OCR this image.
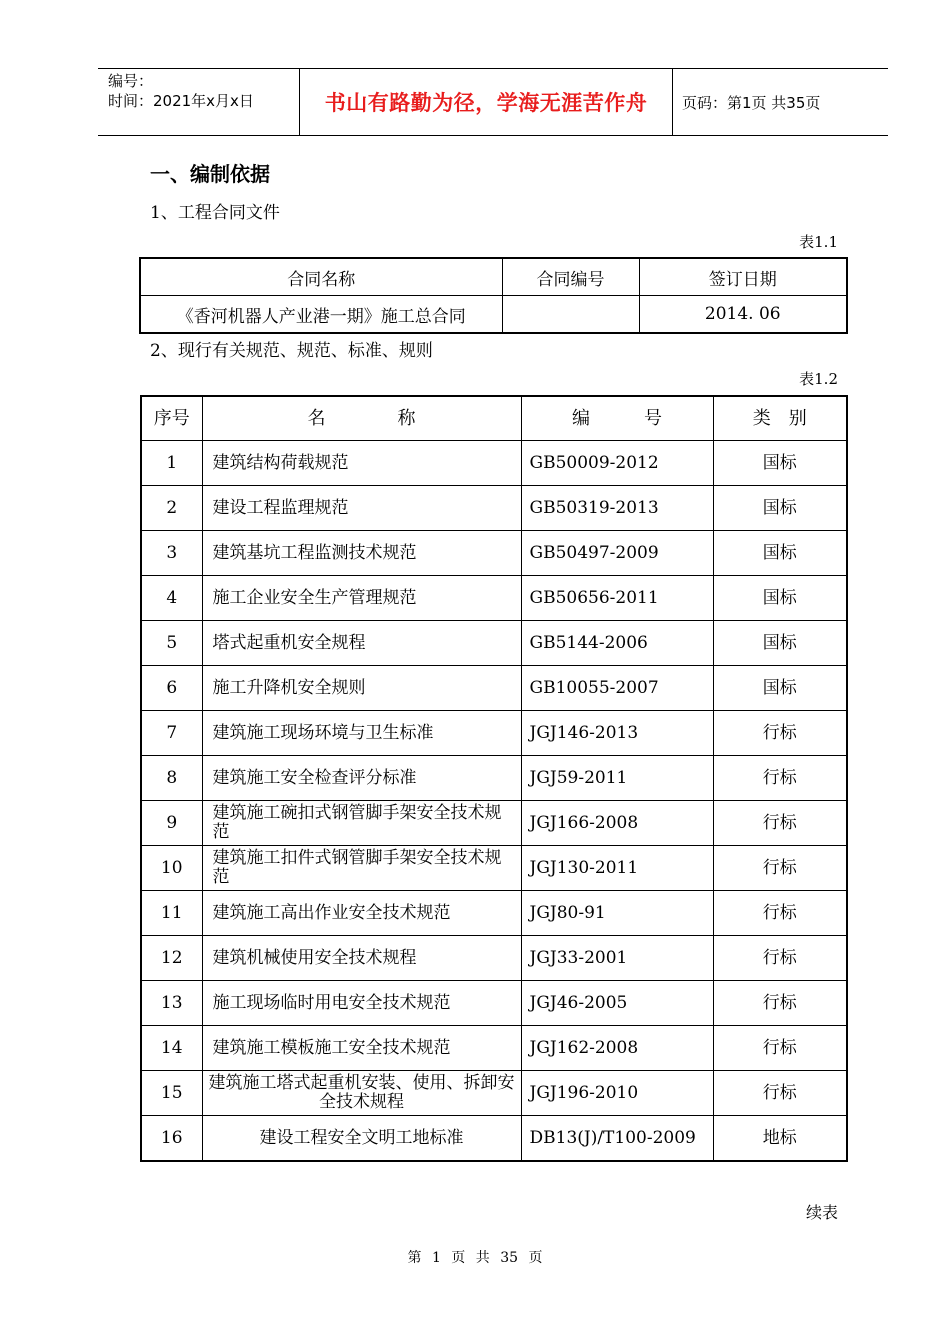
编号：
时间：2021年x月x日	书山有路勤为径，学海无涯苦作舟	页码：第1页 共35页
一、编制依据
1、工程合同文件
表1.1
合同名称	合同编号	签订日期
《香河机器人产业港一期》施工总合同		2014. 06
2、现行有关规范、规范、标准、规则
表1.2
序号	名　　　　称	编　　　号	类　别
1	建筑结构荷载规范	GB50009-2012	国标
2	建设工程监理规范	GB50319-2013	国标
3	建筑基坑工程监测技术规范	GB50497-2009	国标
4	施工企业安全生产管理规范	GB50656-2011	国标
5	塔式起重机安全规程	GB5144-2006	国标
6	施工升降机安全规则	GB10055-2007	国标
7	建筑施工现场环境与卫生标准	JGJ146-2013	行标
8	建筑施工安全检查评分标准	JGJ59-2011	行标
9	建筑施工碗扣式钢管脚手架安全技术规范	JGJ166-2008	行标
10	建筑施工扣件式钢管脚手架安全技术规范	JGJ130-2011	行标
11	建筑施工高出作业安全技术规范	JGJ80-91	行标
12	建筑机械使用安全技术规程	JGJ33-2001	行标
13	施工现场临时用电安全技术规范	JGJ46-2005	行标
14	建筑施工模板施工安全技术规范	JGJ162-2008	行标
15	建筑施工塔式起重机安装、使用、拆卸安全技术规程	JGJ196-2010	行标
16	建设工程安全文明工地标准	DB13(J)/T100-2009	地标
续表
第 1 页 共 35 页
